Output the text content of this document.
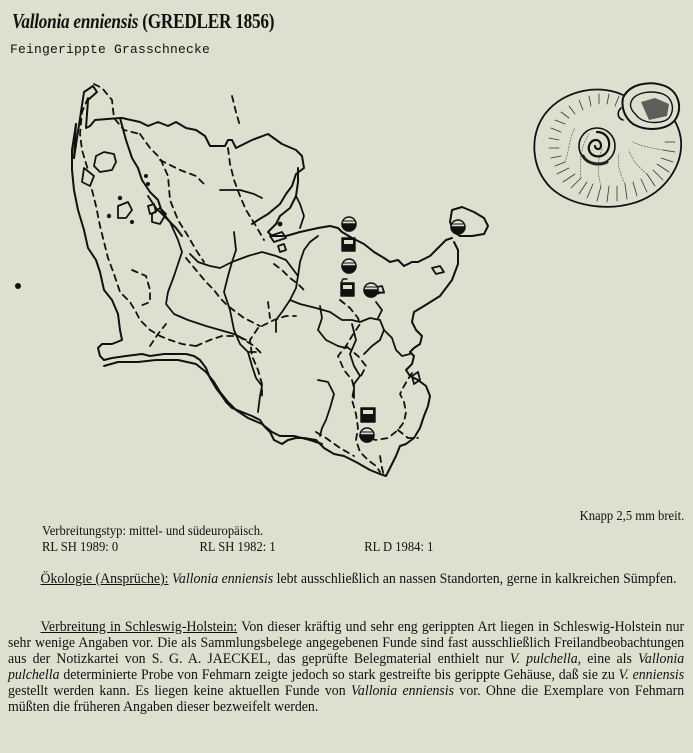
Vallonia enniensis (GREDLER 1856)
Feingerippte Grasschnecke
Knapp 2,5 mm breit.
Verbreitungstyp: mittel- und südeuropäisch.
RL SH 1989: 0	RL SH 1982: 1	RL D 1984: 1
Ökologie (Ansprüche): Vallonia enniensis lebt ausschließlich an nassen Standorten, gerne in kalkreichen Sümpfen.
Verbreitung in Schleswig-Holstein: Von dieser kräftig und sehr eng gerippten Art liegen in Schleswig-Holstein nur sehr wenige Angaben vor. Die als Sammlungsbelege angegebenen Funde sind fast ausschließlich Freilandbeobachtungen aus der Notizkartei von S. G. A. JAECKEL, das geprüfte Belegmaterial enthielt nur V. pulchella, eine als Vallonia pulchella determinierte Probe von Fehmarn zeigte jedoch so stark gestreifte bis gerippte Gehäuse, daß sie zu V. enniensis gestellt werden kann. Es liegen keine aktuellen Funde von Vallonia enniensis vor. Ohne die Exemplare von Fehmarn müßten die früheren Angaben dieser bezweifelt werden.
